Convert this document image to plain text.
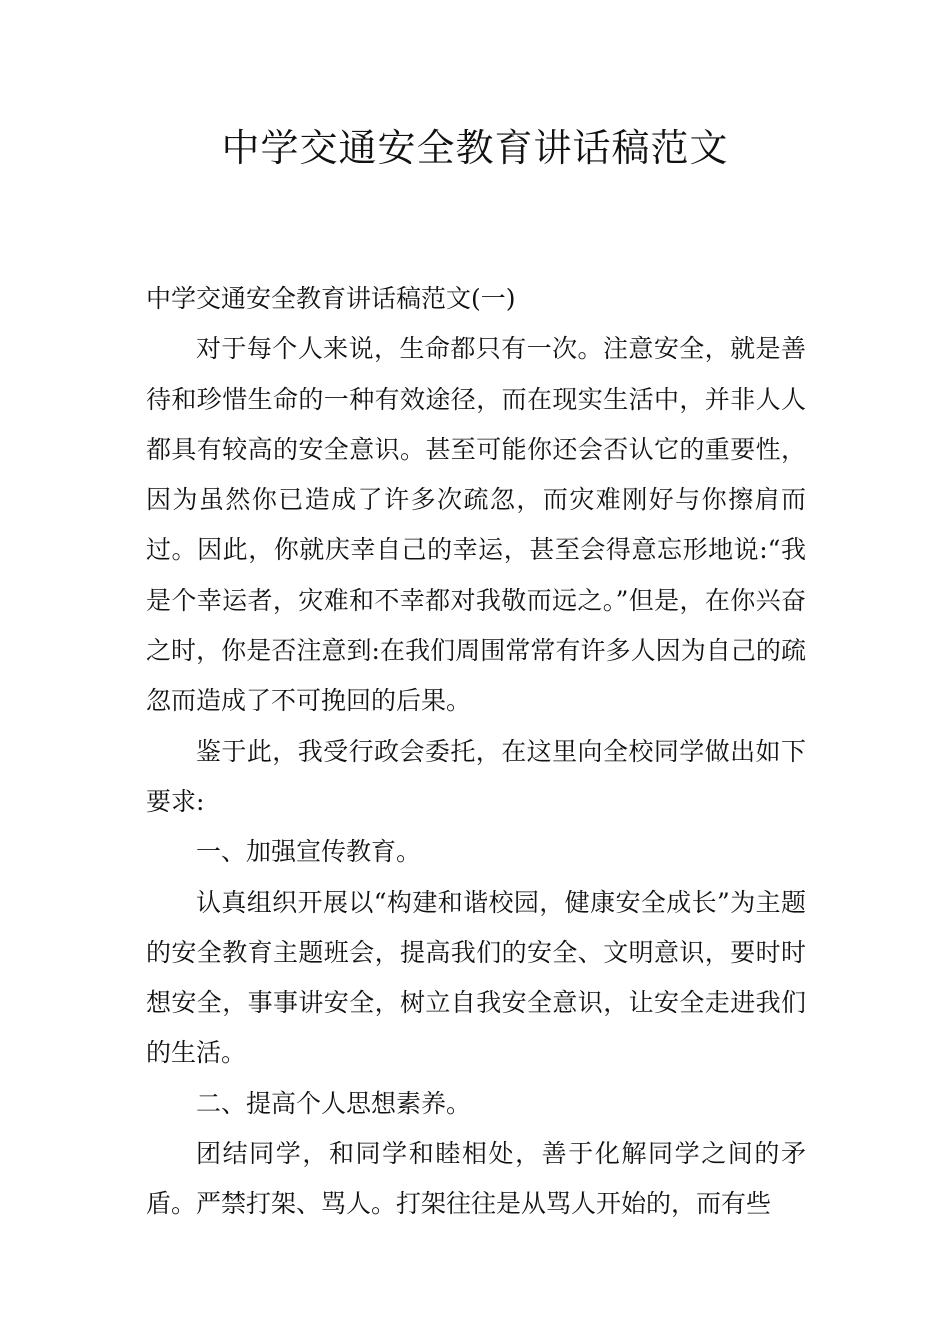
中学交通安全教育讲话稿范文

中学交通安全教育讲话稿范文(一)

对于每个人来说，生命都只有一次。注意安全，就是善待和珍惜生命的一种有效途径，而在现实生活中，并非人人都具有较高的安全意识。甚至可能你还会否认它的重要性，因为虽然你已造成了许多次疏忽，而灾难刚好与你擦肩而过。因此，你就庆幸自己的幸运，甚至会得意忘形地说:“我是个幸运者，灾难和不幸都对我敬而远之。”但是，在你兴奋之时，你是否注意到:在我们周围常常有许多人因为自己的疏忽而造成了不可挽回的后果。

鉴于此，我受行政会委托，在这里向全校同学做出如下要求:

一、加强宣传教育。

认真组织开展以“构建和谐校园，健康安全成长”为主题的安全教育主题班会，提高我们的安全、文明意识，要时时想安全，事事讲安全，树立自我安全意识，让安全走进我们的生活。

二、提高个人思想素养。

团结同学，和同学和睦相处，善于化解同学之间的矛盾。严禁打架、骂人。打架往往是从骂人开始的，而有些
